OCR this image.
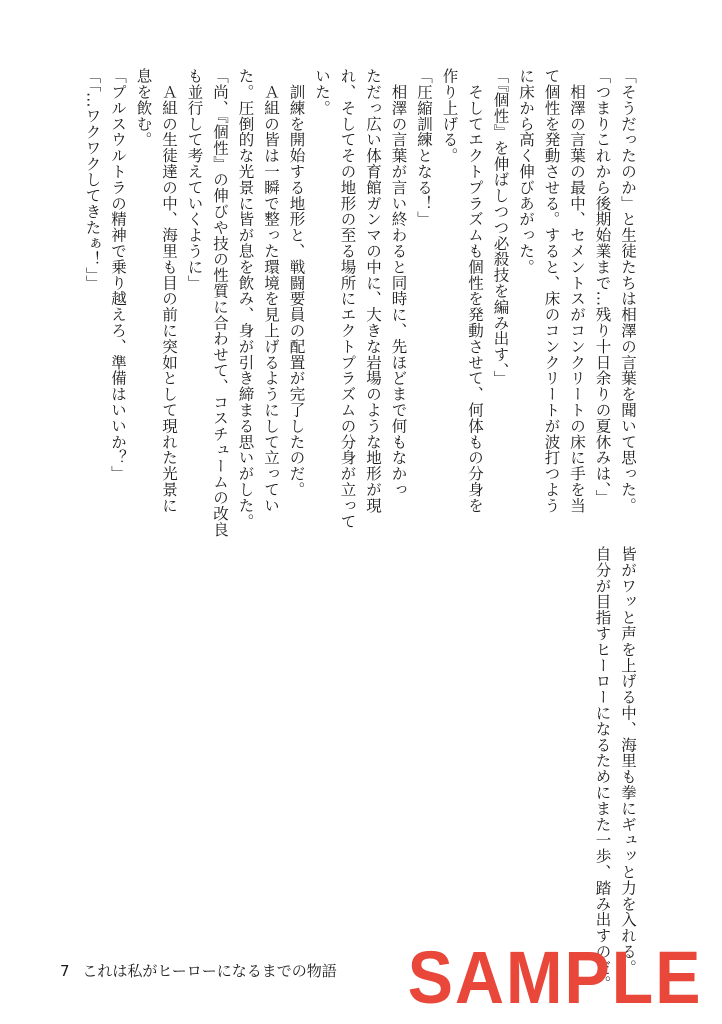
「そうだったのか」と生徒たちは相澤の言葉を聞いて思った。

「つまりこれから後期始業まで…残り十日余りの夏休みは、」

　相澤の言葉の最中、セメントスがコンクリートの床に手を当

て個性を発動させる。すると、床のコンクリートが波打つよう

に床から高く伸びあがった。

「『個性』を伸ばしつつ必殺技を編み出す、」

　そしてエクトプラズムも個性を発動させて、何体もの分身を

作り上げる。

「圧縮訓練となる！」

　相澤の言葉が言い終わると同時に、先ほどまで何もなかっ

ただっ広い体育館ガンマの中に、大きな岩場のような地形が現

れ、そしてその地形の至る場所にエクトプラズムの分身が立って

いた。

　訓練を開始する地形と、戦闘要員の配置が完了したのだ。

　Ａ組の皆は一瞬で整った環境を見上げるようにして立ってい

た。圧倒的な光景に皆が息を飲み、身が引き締まる思いがした。

「尚、『個性』の伸びや技の性質に合わせて、コスチュームの改良

も並行して考えていくように」

　Ａ組の生徒達の中、海里も目の前に突如として現れた光景に

息を飲む。

「プルスウルトラの精神で乗り越えろ、準備はいいか？」

「「…ワクワクしてきたぁ！」」

　皆がワッと声を上げる中、海里も拳にギュッと力を入れる。

　自分が目指すヒーローになるためにまた一歩、踏み出すのだ。

7 これは私がヒーローになるまでの物語 SAMPLE
